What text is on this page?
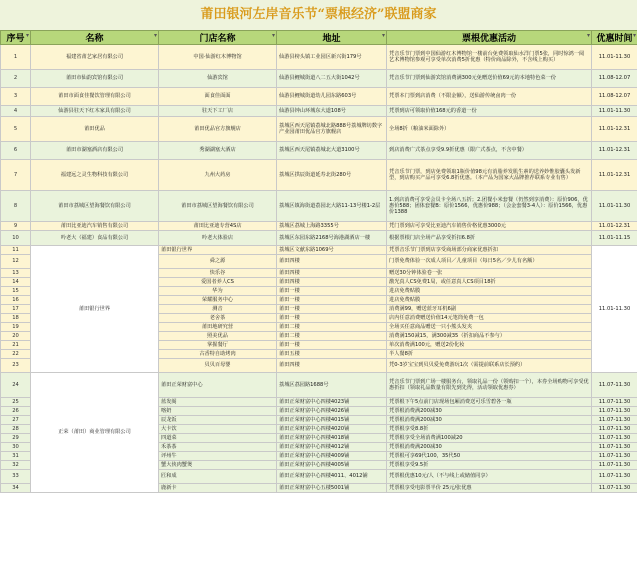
莆田银河左岸音乐节“票根经济”联盟商家
序号 ▾	名称 ▾	门店名称 ▾	地址 ▾	票根优惠活动 ▾	优惠时间 ▾

1	福建省莆艺家居有限公司	中国·仙游红木博物馆	仙游县榜头镇工业园区新兴街179号	凭音乐节门票到中国仙游红木博物馆一楼前台免费领取仙水洋门票5张，同时惊鸿一阅艺术博物馆参观可享受单次消费5折优惠（特价商品除外，不含线上购买）	11.01-11.30
2	莆田市仙韵宾馆有限公司	仙游宾馆	仙游县鲤城街道八二五大街1042号	凭音乐节门票到仙游宾馆消费满300元免赠送价值69元的本地特色菜一份	11.08-12.07
3	莆田市面食佳餐饮管理有限公司	面食佳面面	仙游县鲤城街道幼儿园东路603号	凭票本门票到店消费（不限金额），送仙游传统卤肉一份	11.08-12.07
4	仙游县驻天下红木家具有限公司	驻天下工厂店	仙游县钟山环城东大道108号	凭票到店可领取价值168元的香道一份	11.01-11.30
5	莆田优品	莆田优品官方旗舰店	荔城区西天尾镇荔城北路888号荔城牌坊数字产业园莆田优品官方旗舰店	全场8折（粮油米面除外）	11.01-12.31
6	莆田市湖塞酒店有限公司	秀湖湖塞大酒店	荔城区西天尾镇荔城北大道3100号	到店消费广式茶点享受9.9折优惠（限广式茶点，不含中餐）	11.01-12.31
7	福建远之灵生物科技有限公司	九州大药房	荔城区拱辰街道延寿北街280号	凭音乐节门票，到店免费领取1瓶价值98元有消脂养发肌生素的送养妙惟胶囊头发新型，到店购买产品可享受6.8折优惠。（本产品为国家大品牌推荐联系专业有售）	11.01-12.31
8	莆田市荔城区望海餐饮有限公司	莆田市荔城区望海餐饮有限公司	荔城区镇海街道荔园北大路11-13号楼1-2层	1.到店消费可享受会员卡全场八五折；2.团餐小米套餐（仍然到享消费）：原价906，优惠价588；团体套餐B：原价1566，优惠价988；（会金套餐3-4人）：原价1566，优惠价1388	11.01-11.30
9	莆田比亚迪汽车销售有限公司	莆田比亚迪专营4S店	荔城区荔城上海路3355号	凭门票到店可享受比亚迪汽车销售价格优惠3000元	11.01-12.31
10	吟老大（福建）食品有限公司	吟老大体验店	荔城区东园东路2168号海港湖酒店一楼	根据票根门店全场产品享受折扣6.8折	11.01-11.15
11	莆田银行世界	莆田银行世界	荔城区文献东路1069号	凭票音乐节门票到店享受商场部分商家优惠折扣	11.01-11.30
12		舜之源	莆田四楼	门票免费体验一次成人项目／儿童项目（每日5名／少儿有名额）	
13		快乐谷	莆田四楼	赠送30分钟体验卷一张	
14		爱国者养人CS	莆田四楼	激光真人CS免费1局，或任意真人CS项目18折	
15		华为	莆田一楼	进店免费贴膜	
16		荣耀服务中心	莆田一楼	进店免费贴膜	
17		测音	莆田一楼	消费满99，赠送蓝牙耳机6副	
18		老舍茶	莆田一楼	店内任意消费赠送价值14元笔筒免费一包	
19		莆田地研究营	莆田二楼	全场买任意商品赠送一只小熊头发夹	
20		照美优品	莆田二楼	消费满150减15，满300减35（折扣商品不参与）	
21		掌握餐厅	莆田一楼	单次消费满100元，赠送2份化妆	
22		古香特自助烤肉	莆田五楼	半人餐8折	
23		贝贝百母婴	莆田四楼	凭0-3岁宝宝到贝贝爱免费游玩1次（需提前联系店长预约）	
24	正荣（莆田）商业管理有限公司	莆田正荣财富中心	荔城区荔园路1688号	凭音乐节门票到广场一楼服务台，领取礼品一份（领购扣一个），本券全场购物可享受优惠折扣（领取礼品数量有限先到先得，活动领取优惠券）	11.07-11.30
25		蓝发阁	莆田正荣财富中心四楼4023铺	凭票根下午5点前门店现场包厢消费送可乐雪碧各一瓶	11.07-11.30
26		喀奶	莆田正荣财富中心四楼4026铺	凭票根消费满200减30	11.07-11.30
27		辰龙饭	莆田正荣财富中心四楼4015铺	凭票根消费满200减30	11.07-11.30
28		大卡饮	莆田正荣财富中心四楼4020铺	凭票根享受8.8折	11.07-11.30
29		四道菜	莆田正荣财富中心四楼4018铺	凭票根享受全场消费满100减20	11.07-11.30
30		禾茶茶	莆田正荣财富中心四楼4012铺	凭票根消费满200减30	11.07-11.30
31		评州牛	莆田正荣财富中心四楼4009铺	凭票根可享69代100，35代50	11.07-11.30
32		蟹大侠肉蟹煲	莆田正荣财富中心四楼4005铺	凭票根享受9.5折	11.07-11.30
33		匠和成	莆田正荣财富中心四楼4011、4012铺	凭票根优惠10元/人（不与线上或储值同享）	11.07-11.30
34		鹿新卡	莆田正荣财富中心五楼5001铺	凭票根享受电影票半价 25元/张优惠	11.07-11.30
